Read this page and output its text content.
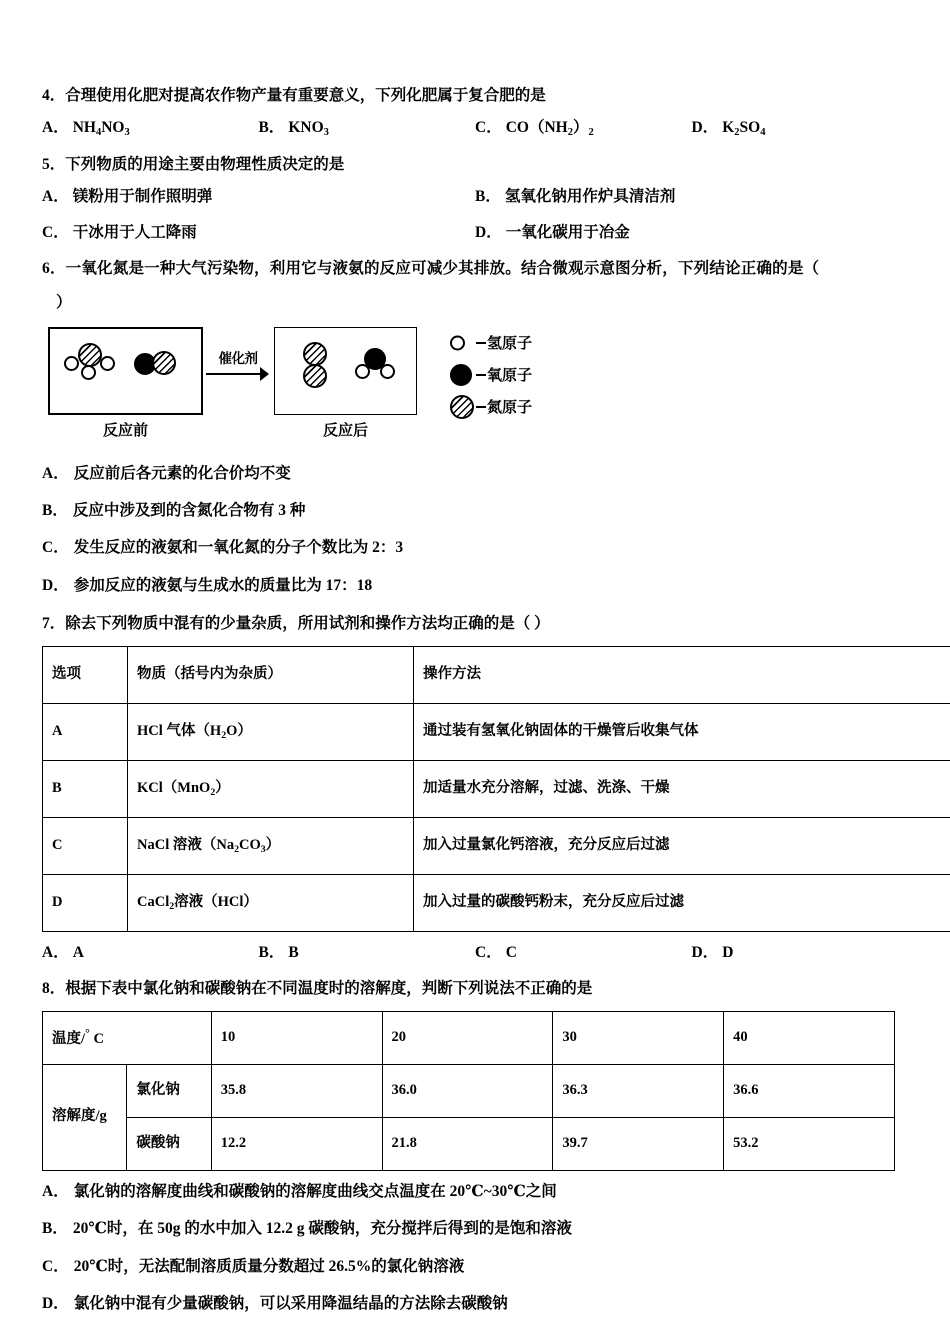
4．合理使用化肥对提高农作物产量有重要意义，下列化肥属于复合肥的是
A． $NH_4NO_3$	B． $KNO_3$	C． $CO(NH_2)_2$	D． $K_2SO_4$
5．下列物质的用途主要由物理性质决定的是
A． 镁粉用于制作照明弹	B． 氢氧化钠用作炉具清洁剂
C． 干冰用于人工降雨	D． 一氧化碳用于冶金
6．一氧化氮是一种大气污染物，利用它与液氨的反应可减少其排放。结合微观示意图分析，下列结论正确的是（
）
反应前
催化剂
反应后
氢原子
氧原子
氮原子
A． 反应前后各元素的化合价均不变
B． 反应中涉及到的含氮化合物有 3 种
C． 发生反应的液氨和一氧化氮的分子个数比为 2：3
D． 参加反应的液氨与生成水的质量比为 17：18
7．除去下列物质中混有的少量杂质，所用试剂和操作方法均正确的是（ ）
选项	物质（括号内为杂质）	操作方法
A	HCl 气体$(H_2O)$	通过装有氢氧化钠固体的干燥管后收集气体
B	KCl（MnO$_2$）	加适量水充分溶解，过滤、洗涤、干燥
C	NaCl 溶液$(Na_2CO_3)$	加入过量氯化钙溶液，充分反应后过滤
D	CaCl$_2$溶液（HCl）	加入过量的碳酸钙粉末，充分反应后过滤
A． A	B． B	C． C	D． D
8．根据下表中氯化钠和碳酸钠在不同温度时的溶解度，判断下列说法不正确的是
温度/° C		10	20	30	40
溶解度/g	氯化钠	35.8	36.0	36.3	36.6
	碳酸钠	12.2	21.8	39.7	53.2
A． 氯化钠的溶解度曲线和碳酸钠的溶解度曲线交点温度在 20℃~30℃之间
B． 20℃时，在 50g 的水中加入 12.2 g 碳酸钠，充分搅拌后得到的是饱和溶液
C． 20℃时，无法配制溶质质量分数超过 26.5%的氯化钠溶液
D． 氯化钠中混有少量碳酸钠，可以采用降温结晶的方法除去碳酸钠
